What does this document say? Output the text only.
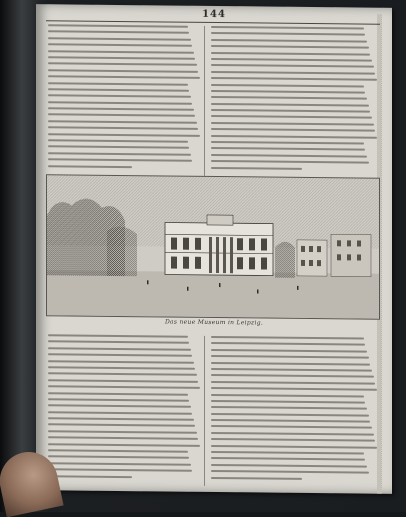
144
Das neue Museum in Leipzig.
